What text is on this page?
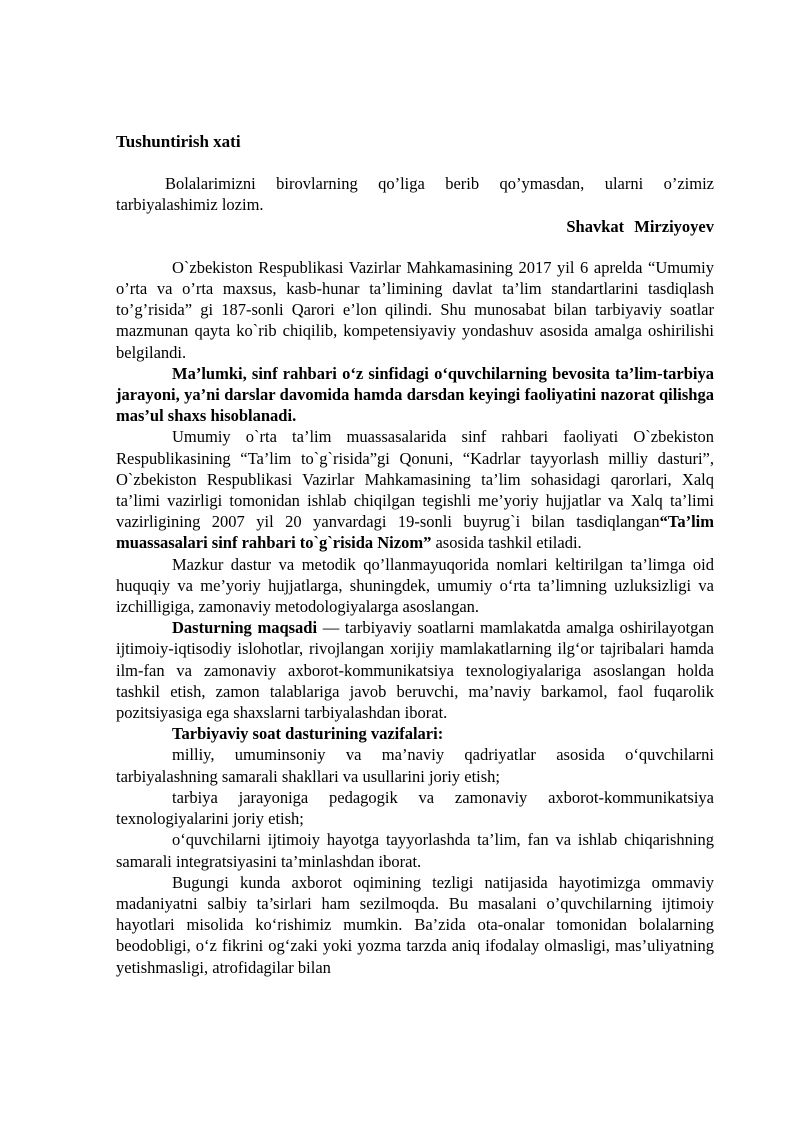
Tushuntirish xati

Bolalarimizni birovlarning qo’liga berib qo’ymasdan, ularni o’zimiz tarbiyalashimiz lozim.

Shavkat Mirziyoyev

O`zbekiston Respublikasi Vazirlar Mahkamasining 2017 yil 6 aprelda “Umumiy o’rta va o’rta maxsus, kasb-hunar ta’limining davlat ta’lim standartlarini tasdiqlash to’g’risida” gi 187-sonli Qarori e’lon qilindi. Shu munosabat bilan tarbiyaviy soatlar mazmunan qayta ko`rib chiqilib, kompetensiyaviy yondashuv asosida amalga oshirilishi belgilandi.

Ma’lumki, sinf rahbari o‘z sinfidagi o‘quvchilarning bevosita ta’lim-tarbiya jarayoni, ya’ni darslar davomida hamda darsdan keyingi faoliyatini nazorat qilishga mas’ul shaxs hisoblanadi.

Umumiy o`rta ta’lim muassasalarida sinf rahbari faoliyati O`zbekiston Respublikasining “Ta’lim to`g`risida”gi Qonuni, “Kadrlar tayyorlash milliy dasturi”, O`zbekiston Respublikasi Vazirlar Mahkamasining ta’lim sohasidagi qarorlari, Xalq ta’limi vazirligi tomonidan ishlab chiqilgan tegishli me’yoriy hujjatlar va Xalq ta’limi vazirligining 2007 yil 20 yanvardagi 19-sonli buyrug`i bilan tasdiqlangan“Ta’lim muassasalari sinf rahbari to`g`risida Nizom” asosida tashkil etiladi.

Mazkur dastur va metodik qo’llanmayuqorida nomlari keltirilgan ta’limga oid huquqiy va me’yoriy hujjatlarga, shuningdek, umumiy o‘rta ta’limning uzluksizligi va izchilligiga, zamonaviy metodologiyalarga asoslangan.

Dasturning maqsadi — tarbiyaviy soatlarni mamlakatda amalga oshirilayotgan ijtimoiy-iqtisodiy islohotlar, rivojlangan xorijiy mamlakatlarning ilg‘or tajribalari hamda ilm-fan va zamonaviy axborot-kommunikatsiya texnologiyalariga asoslangan holda tashkil etish, zamon talablariga javob beruvchi, ma’naviy barkamol, faol fuqarolik pozitsiyasiga ega shaxslarni tarbiyalashdan iborat.

Tarbiyaviy soat dasturining vazifalari:

milliy, umuminsoniy va ma’naviy qadriyatlar asosida o‘quvchilarni tarbiyalashning samarali shakllari va usullarini joriy etish;

tarbiya jarayoniga pedagogik va zamonaviy axborot-kommunikatsiya texnologiyalarini joriy etish;

o‘quvchilarni ijtimoiy hayotga tayyorlashda ta’lim, fan va ishlab chiqarishning samarali integratsiyasini ta’minlashdan iborat.

Bugungi kunda axborot oqimining tezligi natijasida hayotimizga ommaviy madaniyatni salbiy ta’sirlari ham sezilmoqda. Bu masalani o’quvchilarning ijtimoiy hayotlari misolida ko‘rishimiz mumkin. Ba’zida ota-onalar tomonidan bolalarning beodobligi, o‘z fikrini og‘zaki yoki yozma tarzda aniq ifodalay olmasligi, mas’uliyatning yetishmasligi, atrofidagilar bilan
